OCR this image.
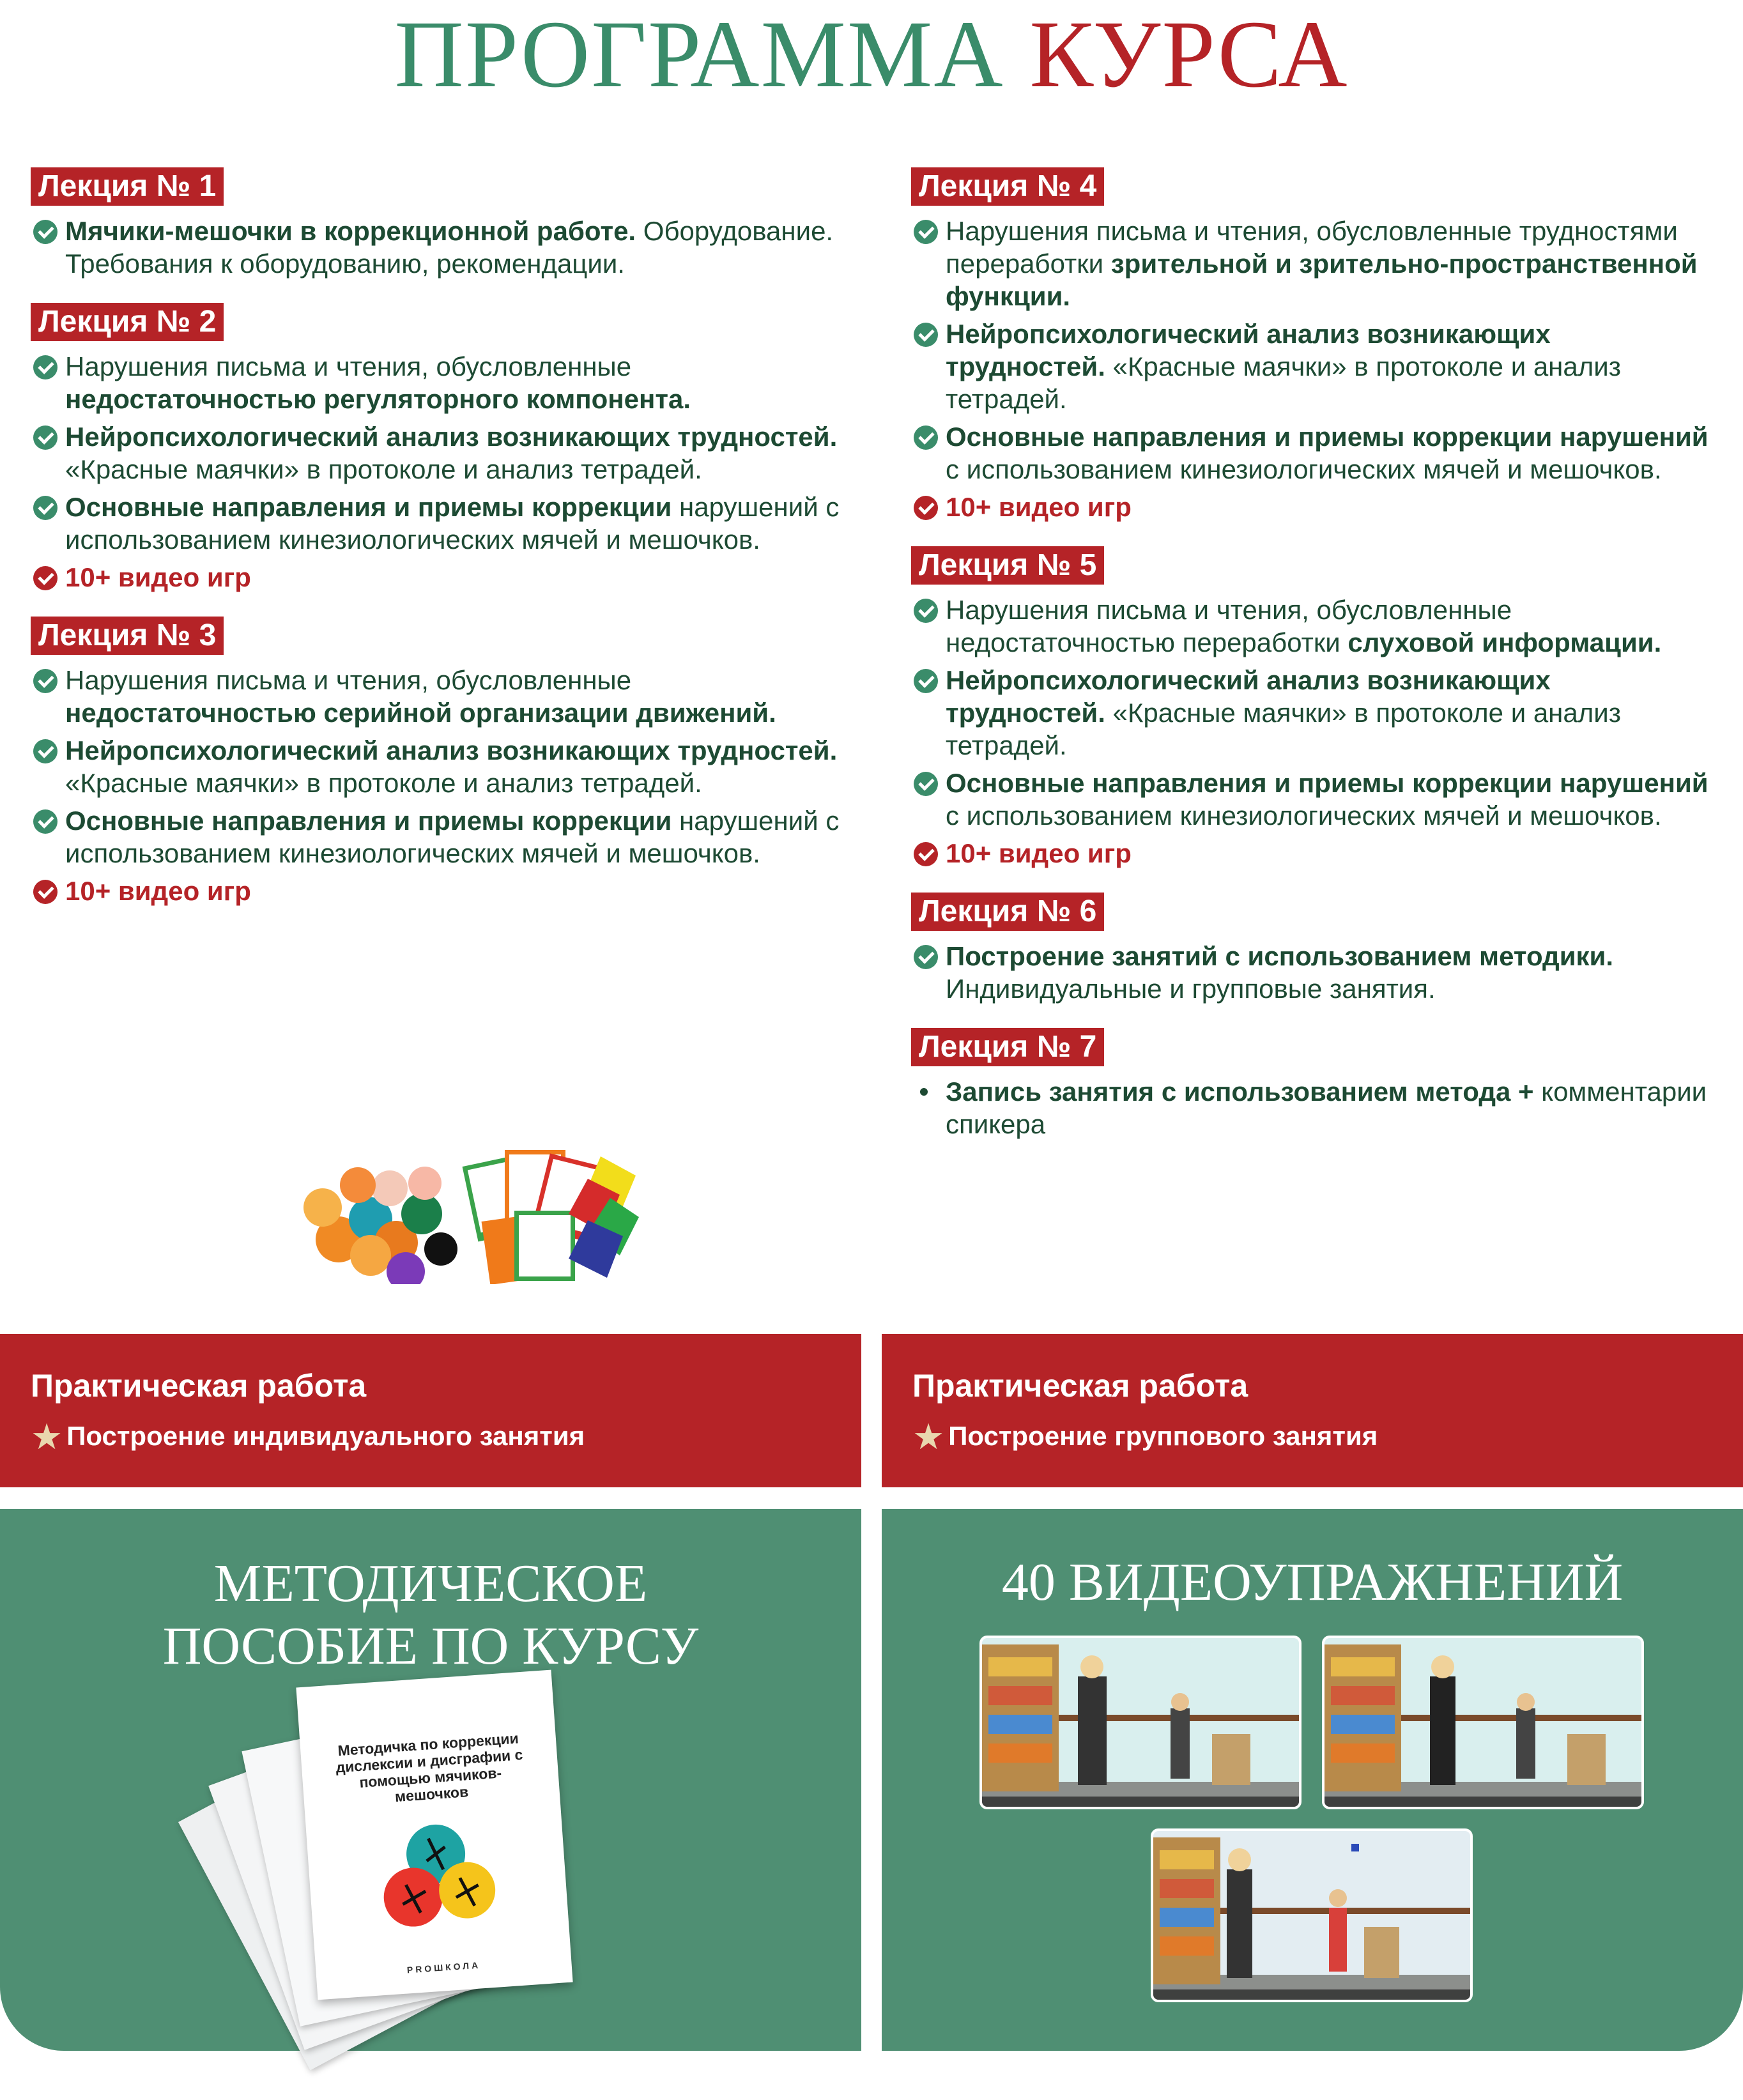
ПРОГРАММА КУРСА
Лекция № 1
Мячики-мешочки в коррекционной работе. Оборудование. Требования к оборудованию, рекомендации.
Лекция № 2
Нарушения письма и чтения, обусловленные недостаточностью регуляторного компонента.
Нейропсихологический анализ возникающих трудностей. «Красные маячки» в протоколе и анализ тетрадей.
Основные направления и приемы коррекции нарушений с использованием кинезиологических мячей и мешочков.
10+ видео игр
Лекция № 3
Нарушения письма и чтения, обусловленные недостаточностью серийной организации движений.
Нейропсихологический анализ возникающих трудностей. «Красные маячки» в протоколе и анализ тетрадей.
Основные направления и приемы коррекции нарушений с использованием кинезиологических мячей и мешочков.
10+ видео игр
Лекция № 4
Нарушения письма и чтения, обусловленные трудностями переработки зрительной и зрительно-пространственной функции.
Нейропсихологический анализ возникающих трудностей. «Красные маячки» в протоколе и анализ тетрадей.
Основные направления и приемы коррекции нарушений с использованием кинезиологических мячей и мешочков.
10+ видео игр
Лекция № 5
Нарушения письма и чтения, обусловленные недостаточностью переработки слуховой информации.
Нейропсихологический анализ возникающих трудностей. «Красные маячки» в протоколе и анализ тетрадей.
Основные направления и приемы коррекции нарушений с использованием кинезиологических мячей и мешочков.
10+ видео игр
Лекция № 6
Построение занятий с использованием методики. Индивидуальные и групповые занятия.
Лекция № 7
Запись занятия с использованием метода + комментарии спикера
Практическая работа
★ Построение индивидуального занятия
Практическая работа
★ Построение группового занятия
МЕТОДИЧЕСКОЕ
ПОСОБИЕ ПО КУРСУ
Методичка по коррекции дислексии и дисграфии с помощью мячиков-мешочков
PROШКОЛА
40 ВИДЕОУПРАЖНЕНИЙ
